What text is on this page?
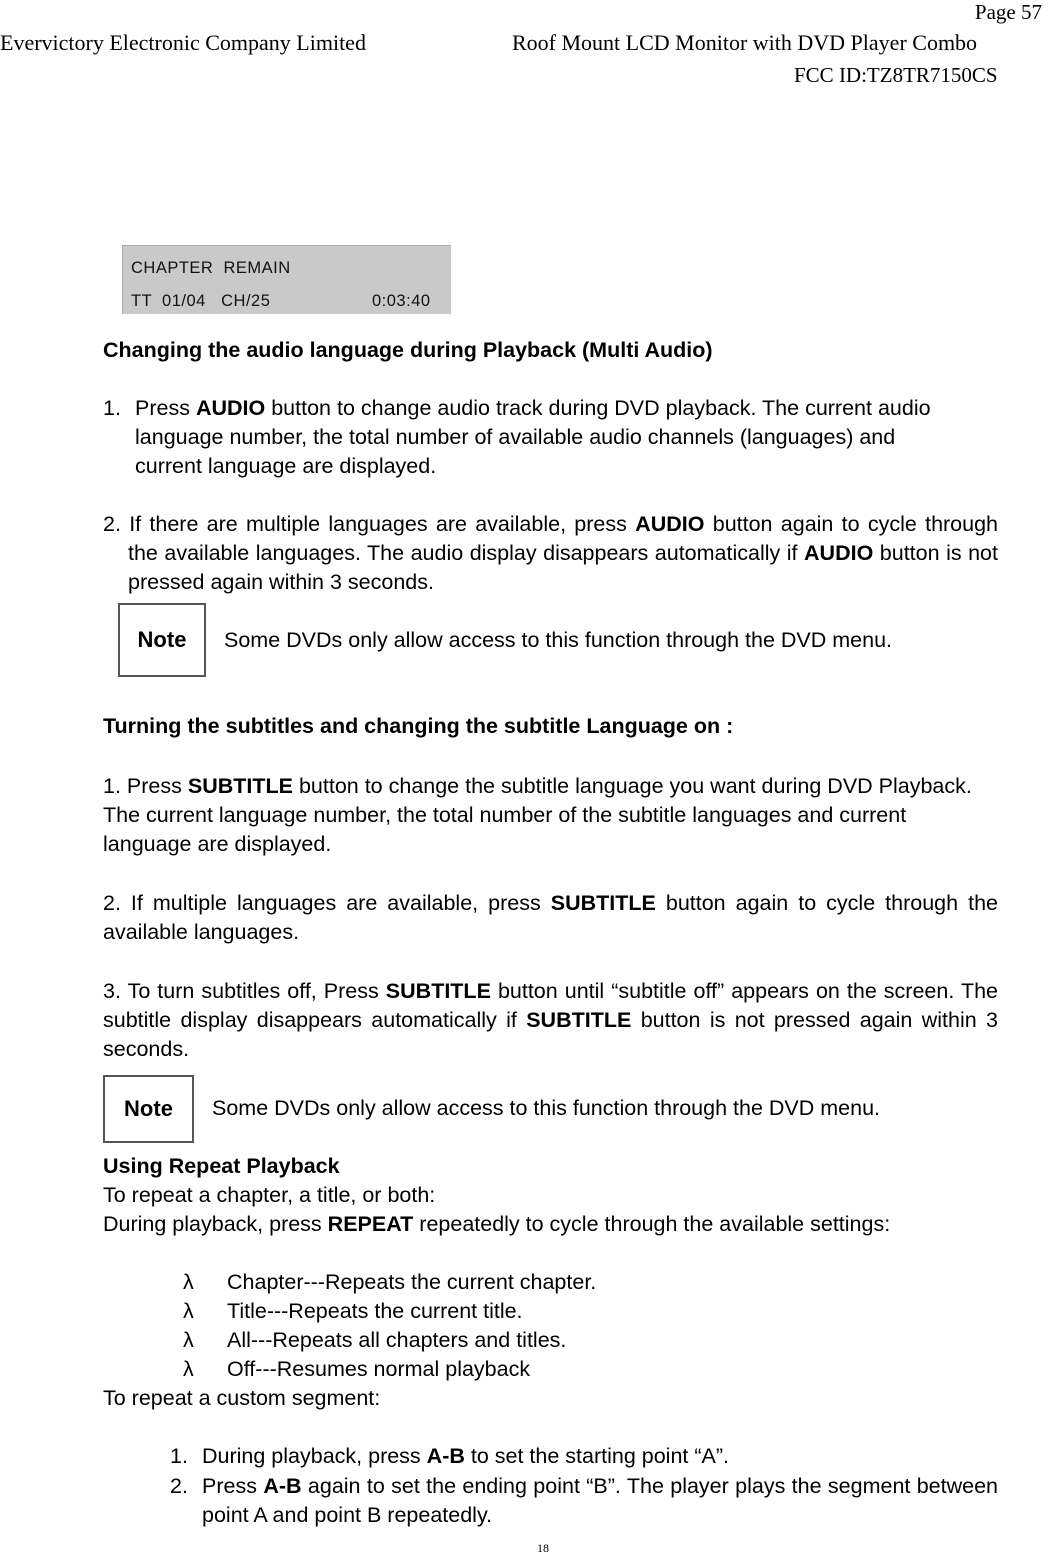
Page 57
Evervictory Electronic Company Limited	Roof Mount LCD Monitor with DVD Player Combo
FCC ID:TZ8TR7150CS
CHAPTER  REMAIN
TT 01/04 CH/25	0:03:40
Changing the audio language during Playback (Multi Audio)
1. Press AUDIO button to change audio track during DVD playback. The current audio language number, the total number of available audio channels (languages) and current language are displayed.
2. If there are multiple languages are available, press AUDIO button again to cycle through the available languages. The audio display disappears automatically if AUDIO button is not pressed again within 3 seconds.
Note	Some DVDs only allow access to this function through the DVD menu.
Turning the subtitles and changing the subtitle Language on :
1. Press SUBTITLE button to change the subtitle language you want during DVD Playback. The current language number, the total number of the subtitle languages and current language are displayed.
2. If multiple languages are available, press SUBTITLE button again to cycle through the available languages.
3. To turn subtitles off, Press SUBTITLE button until “subtitle off” appears on the screen. The subtitle display disappears automatically if SUBTITLE button is not pressed again within 3 seconds.
Note	Some DVDs only allow access to this function through the DVD menu.
Using Repeat Playback
To repeat a chapter, a title, or both:
During playback, press REPEAT repeatedly to cycle through the available settings:
λ	Chapter---Repeats the current chapter.
λ	Title---Repeats the current title.
λ	All---Repeats all chapters and titles.
λ	Off---Resumes normal playback
To repeat a custom segment:
1. During playback, press A-B to set the starting point “A”.
2. Press A-B again to set the ending point “B”. The player plays the segment between point A and point B repeatedly.
18
